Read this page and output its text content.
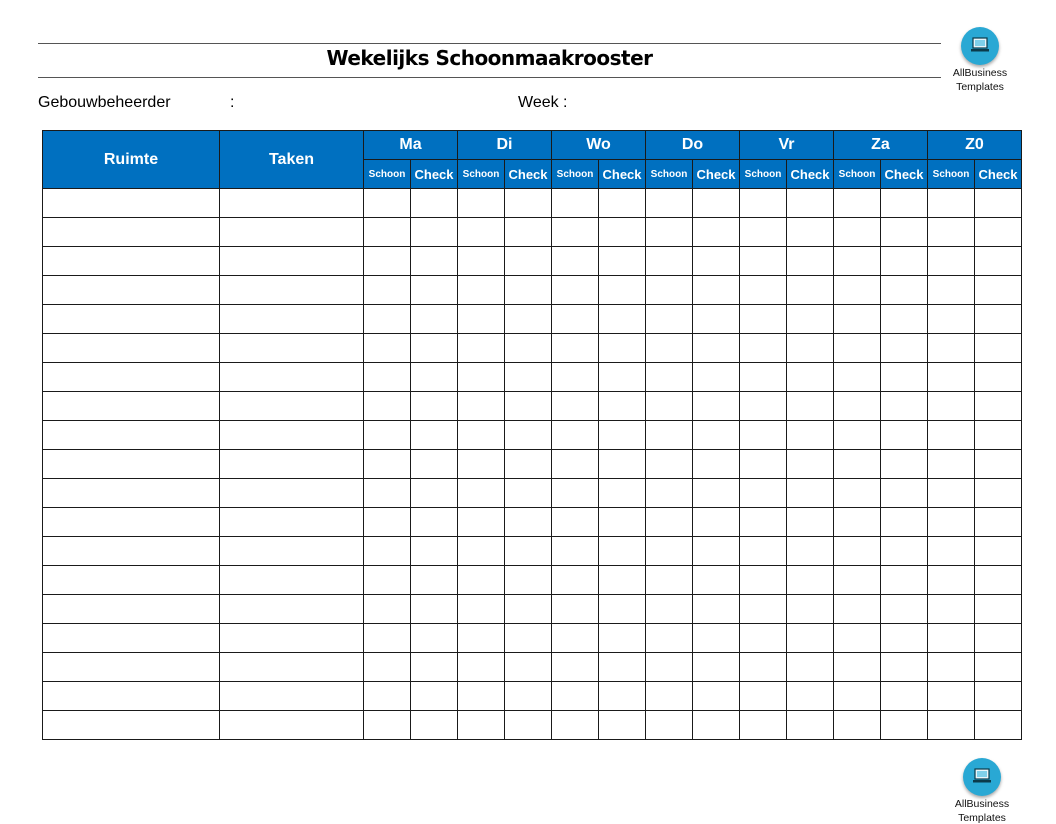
Wekelijks Schoonmaakrooster
Gebouwbeheerder	:	Week :
AllBusiness
Templates
Ruimte	Taken	Ma		Di		Wo		Do		Vr		Za		Z0	
		Schoon	Check	Schoon	Check	Schoon	Check	Schoon	Check	Schoon	Check	Schoon	Check	Schoon	Check

AllBusiness
Templates
